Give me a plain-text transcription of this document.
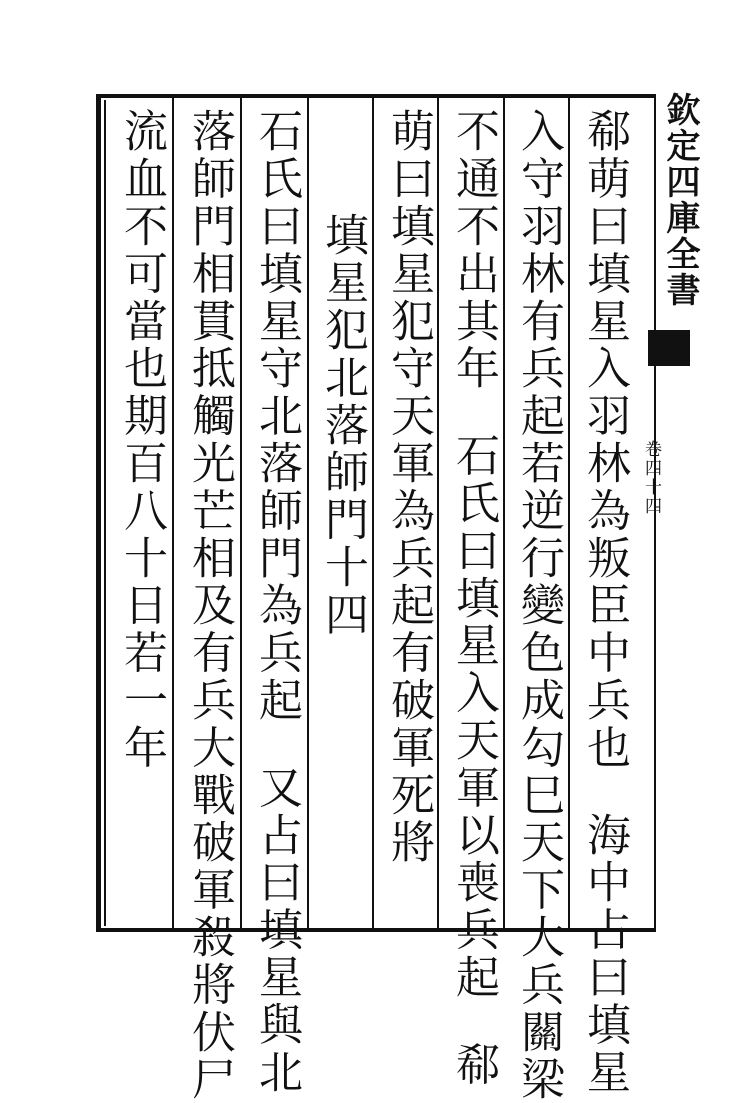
欽定四庫全書
卷四十四
郗萌曰填星入羽林為叛臣中兵也海中占曰填星
入守羽林有兵起若逆行變色成勾巳天下大兵關梁
不通不出其年石氏曰填星入天軍以喪兵起郗
萌曰填星犯守天軍為兵起有破軍死將
填星犯北落師門十四
石氏曰填星守北落師門為兵起又占曰填星與北
落師門相貫抵觸光芒相及有兵大戰破軍殺將伏尸
流血不可當也期百八十日若一年
